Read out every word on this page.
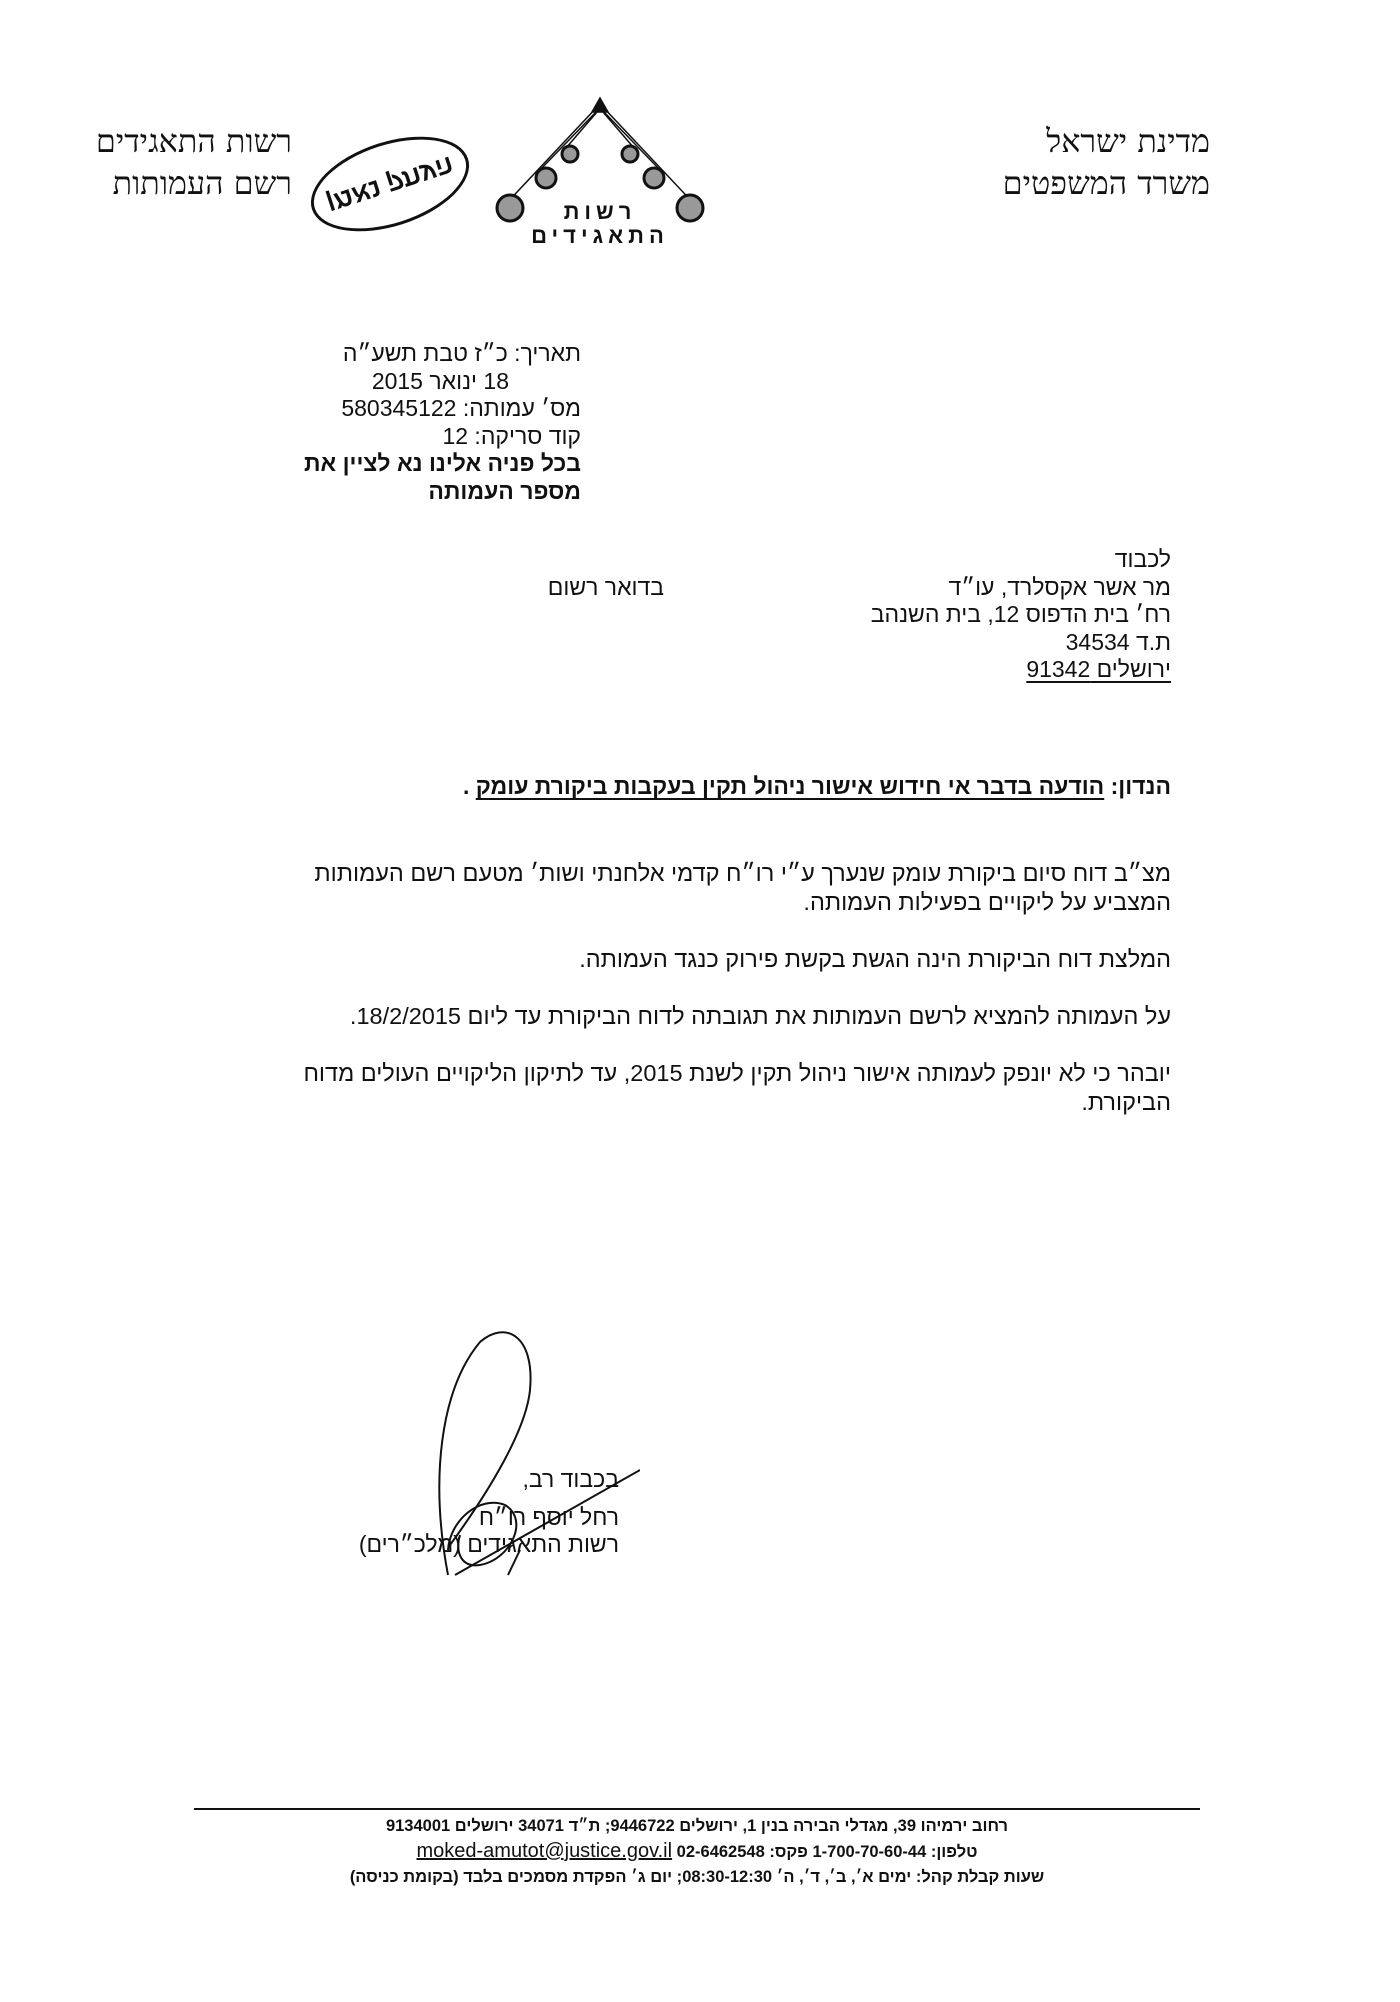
מדינת ישראל
משרד המשפטים
רשות התאגידים
רשם העמותות
רשות
התאגידים
העתק נאמן
תאריך: כ״ז טבת תשע״ה
18 ינואר 2015
מס׳ עמותה: 580345122
קוד סריקה: 12
בכל פניה אלינו נא לציין את
מספר העמותה
לכבוד
מר אשר אקסלרד, עו״ד
רח׳ בית הדפוס 12, בית השנהב
ת.ד 34534
ירושלים 91342
בדואר רשום
הנדון: הודעה בדבר אי חידוש אישור ניהול תקין בעקבות ביקורת עומק .

מצ״ב דוח סיום ביקורת עומק שנערך ע״י רו״ח קדמי אלחנתי ושות׳ מטעם רשם העמותות המצביע על ליקויים בפעילות העמותה.

המלצת דוח הביקורת הינה הגשת בקשת פירוק כנגד העמותה.

על העמותה להמציא לרשם העמותות את תגובתה לדוח הביקורת עד ליום 18/2/2015.

יובהר כי לא יונפק לעמותה אישור ניהול תקין לשנת 2015, עד לתיקון הליקויים העולים מדוח הביקורת.

בכבוד רב,
רחל יוסף רו״ח
רשות התאגידים (מלכ״רים)
רחוב ירמיהו 39, מגדלי הבירה בנין 1, ירושלים 9446722; ת״ד 34071 ירושלים 9134001
טלפון: 1-700-70-60-44 פקס: 02-6462548 moked-amutot@justice.gov.il
שעות קבלת קהל: ימים א׳, ב׳, ד׳, ה׳ 08:30-12:30; יום ג׳ הפקדת מסמכים בלבד (בקומת כניסה)
